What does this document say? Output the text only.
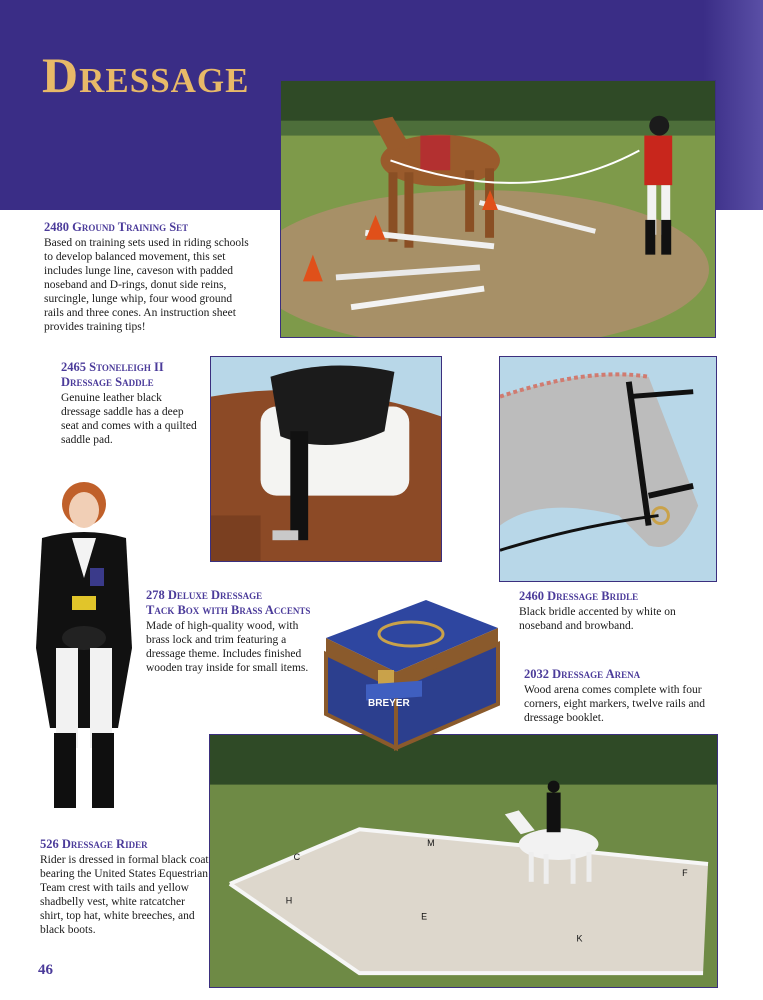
Dressage

2480 Ground Training Set

Based on training sets used in riding schools to develop balanced movement, this set includes lunge line, caveson with padded noseband and D-rings, donut side reins, surcingle, lunge whip, four wood ground rails and three cones. An instruction sheet provides training tips!

2465 Stoneleigh II
Dressage Saddle

Genuine leather black dressage saddle has a deep seat and comes with a quilted saddle pad.

2460 Dressage Bridle

Black bridle accented by white on noseband and browband.

526 Dressage Rider

Rider is dressed in formal black coat bearing the United States Equestrian Team crest with tails and yellow shadbelly vest, white ratcatcher shirt, top hat, white breeches, and black boots.

278 Deluxe Dressage
Tack Box with Brass Accents

Made of high-quality wood, with brass lock and trim featuring a dressage theme. Includes finished wooden tray inside for small items.

C
M
H
F
E
K
BREYER

2032 Dressage Arena

Wood arena comes complete with four corners, eight markers, twelve rails and dressage booklet.

46
